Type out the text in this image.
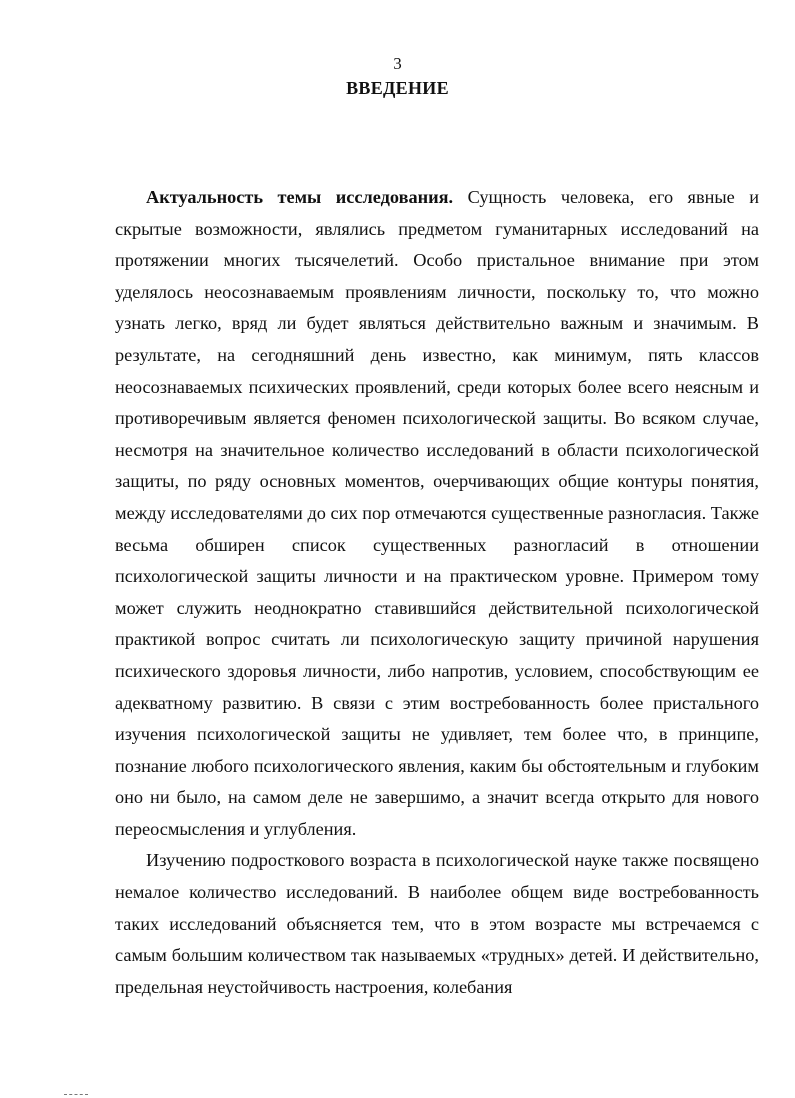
3
ВВЕДЕНИЕ

Актуальность темы исследования. Сущность человека, его явные и скрытые возможности, являлись предметом гуманитарных исследований на протяжении многих тысячелетий. Особо пристальное внимание при этом уделялось неосознаваемым проявлениям личности, поскольку то, что можно узнать легко, вряд ли будет являться действительно важным и значимым. В результате, на сегодняшний день известно, как минимум, пять классов неосознаваемых психических проявлений, среди которых более всего неясным и противоречивым является феномен психологической защиты. Во всяком случае, несмотря на значительное количество исследований в области психологической защиты, по ряду основных моментов, очерчивающих общие контуры понятия, между исследователями до сих пор отмечаются существенные разногласия. Также весьма обширен список существенных разногласий в отношении психологической защиты личности и на практическом уровне. Примером тому может служить неоднократно ставившийся действительной психологической практикой вопрос считать ли психологическую защиту причиной нарушения психического здоровья личности, либо напротив, условием, способствующим ее адекватному развитию. В связи с этим востребованность более пристального изучения психологической защиты не удивляет, тем более что, в принципе, познание любого психологического явления, каким бы обстоятельным и глубоким оно ни было, на самом деле не завершимо, а значит всегда открыто для нового переосмысления и углубления.

Изучению подросткового возраста в психологической науке также посвящено немалое количество исследований. В наиболее общем виде востребованность таких исследований объясняется тем, что в этом возрасте мы встречаемся с самым большим количеством так называемых «трудных» детей. И действительно, предельная неустойчивость настроения, колебания
